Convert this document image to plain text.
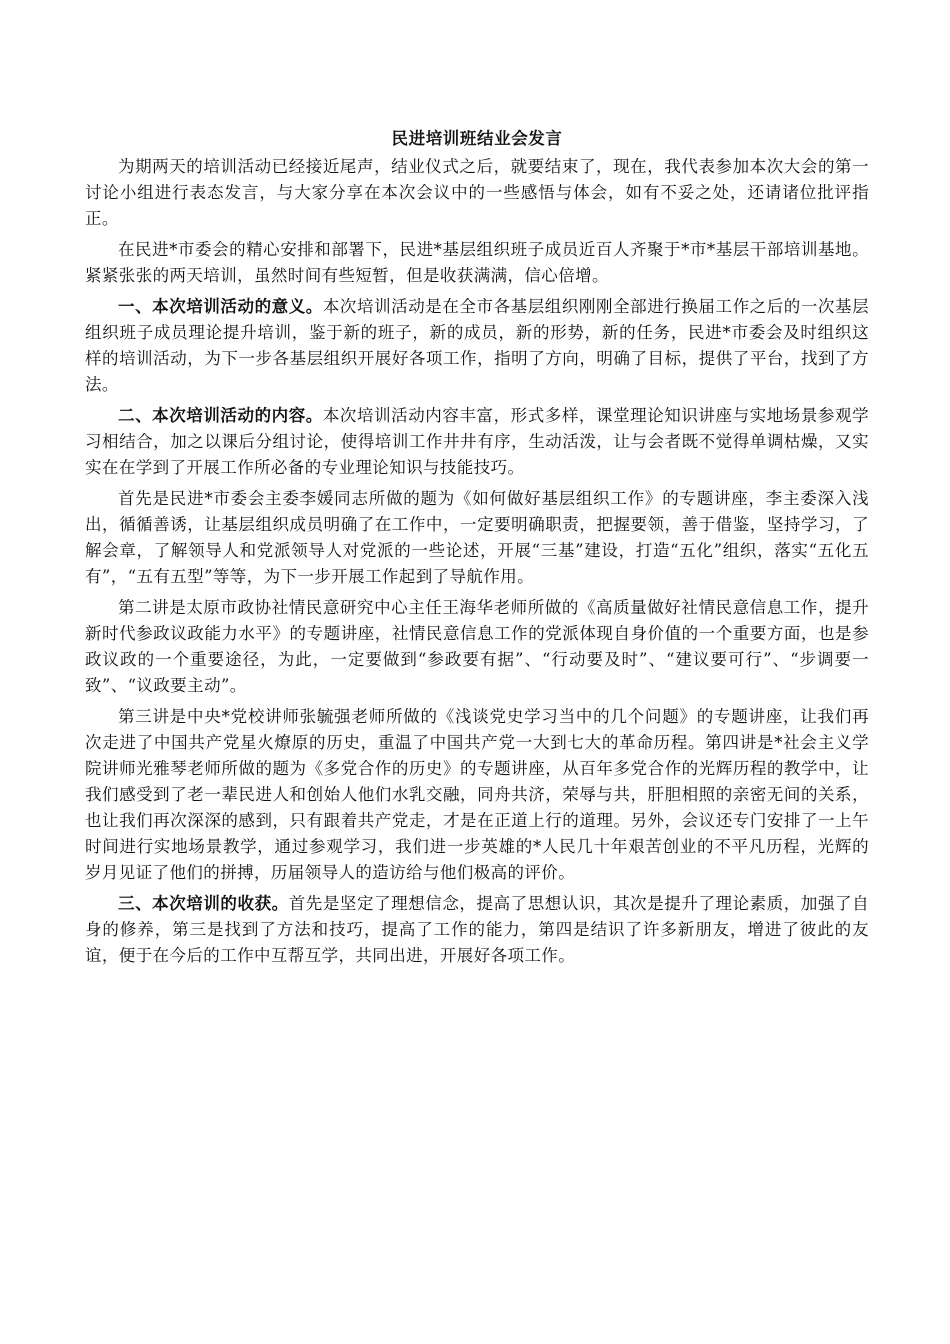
民进培训班结业会发言

为期两天的培训活动已经接近尾声，结业仪式之后，就要结束了，现在，我代表参加本次大会的第一讨论小组进行表态发言，与大家分享在本次会议中的一些感悟与体会，如有不妥之处，还请诸位批评指正。

在民进*市委会的精心安排和部署下，民进*基层组织班子成员近百人齐聚于*市*基层干部培训基地。紧紧张张的两天培训，虽然时间有些短暂，但是收获满满，信心倍增。

一、本次培训活动的意义。本次培训活动是在全市各基层组织刚刚全部进行换届工作之后的一次基层组织班子成员理论提升培训，鉴于新的班子，新的成员，新的形势，新的任务，民进*市委会及时组织这样的培训活动，为下一步各基层组织开展好各项工作，指明了方向，明确了目标，提供了平台，找到了方法。

二、本次培训活动的内容。本次培训活动内容丰富，形式多样，课堂理论知识讲座与实地场景参观学习相结合，加之以课后分组讨论，使得培训工作井井有序，生动活泼，让与会者既不觉得单调枯燥，又实实在在学到了开展工作所必备的专业理论知识与技能技巧。

首先是民进*市委会主委李媛同志所做的题为《如何做好基层组织工作》的专题讲座，李主委深入浅出，循循善诱，让基层组织成员明确了在工作中，一定要明确职责，把握要领，善于借鉴，坚持学习，了解会章，了解领导人和党派领导人对党派的一些论述，开展“三基”建设，打造“五化”组织，落实“五化五有”，“五有五型”等等，为下一步开展工作起到了导航作用。

第二讲是太原市政协社情民意研究中心主任王海华老师所做的《高质量做好社情民意信息工作，提升新时代参政议政能力水平》的专题讲座，社情民意信息工作的党派体现自身价值的一个重要方面，也是参政议政的一个重要途径，为此，一定要做到“参政要有据”、“行动要及时”、“建议要可行”、“步调要一致”、“议政要主动”。

第三讲是中央*党校讲师张毓强老师所做的《浅谈党史学习当中的几个问题》的专题讲座，让我们再次走进了中国共产党星火燎原的历史，重温了中国共产党一大到七大的革命历程。第四讲是*社会主义学院讲师光雅琴老师所做的题为《多党合作的历史》的专题讲座，从百年多党合作的光辉历程的教学中，让我们感受到了老一辈民进人和创始人他们水乳交融，同舟共济，荣辱与共，肝胆相照的亲密无间的关系，也让我们再次深深的感到，只有跟着共产党走，才是在正道上行的道理。另外，会议还专门安排了一上午时间进行实地场景教学，通过参观学习，我们进一步英雄的*人民几十年艰苦创业的不平凡历程，光辉的岁月见证了他们的拼搏，历届领导人的造访给与他们极高的评价。

三、本次培训的收获。首先是坚定了理想信念，提高了思想认识，其次是提升了理论素质，加强了自身的修养，第三是找到了方法和技巧，提高了工作的能力，第四是结识了许多新朋友，增进了彼此的友谊，便于在今后的工作中互帮互学，共同出进，开展好各项工作。
